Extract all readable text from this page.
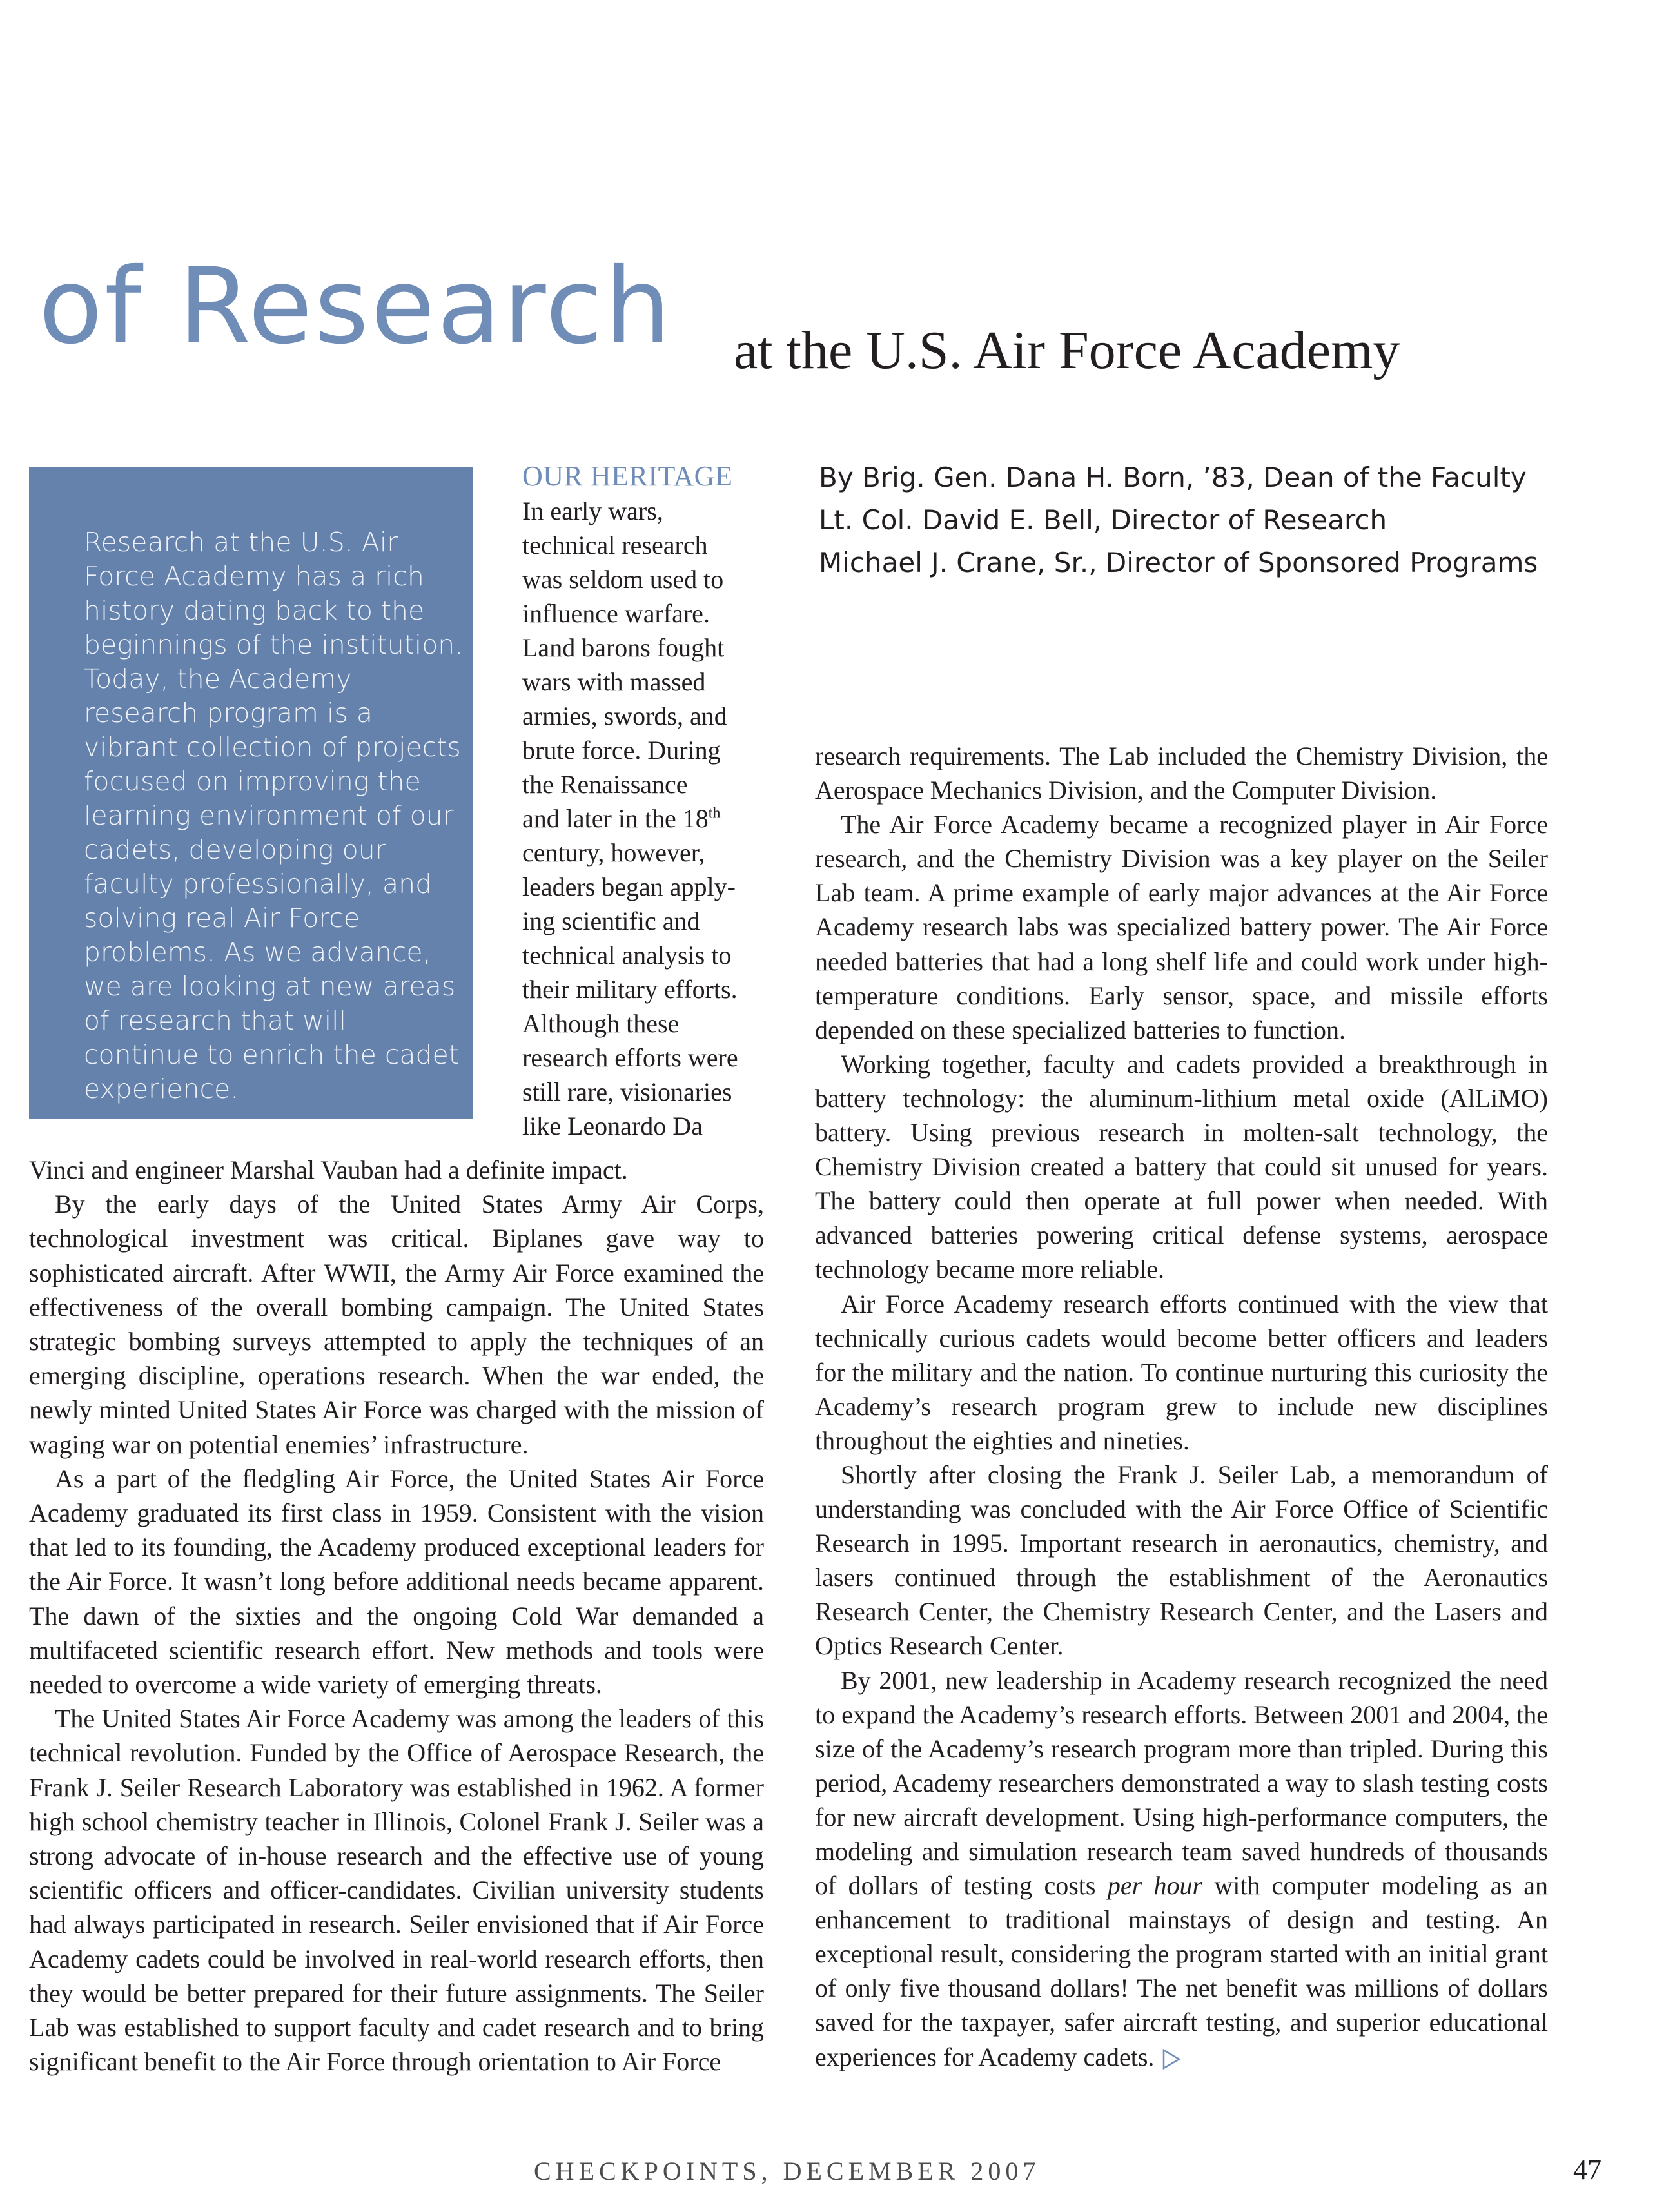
of Research at the U.S. Air Force Academy
By Brig. Gen. Dana H. Born, ’83, Dean of the Faculty
Lt. Col. David E. Bell, Director of Research
Michael J. Crane, Sr., Director of Sponsored Programs

Research at the U.S. Air Force Academy has a rich history dating back to the beginnings of the institution. Today, the Academy research program is a vibrant collection of projects focused on improving the learning environment of our cadets, developing our faculty professionally, and solving real Air Force problems. As we advance, we are looking at new areas of research that will continue to enrich the cadet experience.

OUR HERITAGE
In early wars,
technical research
was seldom used to
influence warfare.
Land barons fought
wars with massed
armies, swords, and
brute force. During
the Renaissance
and later in the 18th
century, however,
leaders began apply-
ing scientific and
technical analysis to
their military efforts.
Although these
research efforts were
still rare, visionaries
like Leonardo Da

Vinci and engineer Marshal Vauban had a definite impact.

By the early days of the United States Army Air Corps, technological investment was critical. Biplanes gave way to sophisticated aircraft. After WWII, the Army Air Force examined the effectiveness of the overall bombing campaign. The United States strategic bombing surveys attempted to apply the techniques of an emerging discipline, operations research. When the war ended, the newly minted United States Air Force was charged with the mission of waging war on potential enemies’ infrastructure.

As a part of the fledgling Air Force, the United States Air Force Academy graduated its first class in 1959. Consistent with the vision that led to its founding, the Academy produced exceptional leaders for the Air Force. It wasn’t long before additional needs became apparent. The dawn of the sixties and the ongoing Cold War demanded a multifaceted scientific research effort. New methods and tools were needed to overcome a wide variety of emerging threats.

The United States Air Force Academy was among the leaders of this technical revolution. Funded by the Office of Aerospace Research, the Frank J. Seiler Research Laboratory was established in 1962. A former high school chemistry teacher in Illinois, Colonel Frank J. Seiler was a strong advocate of in-house research and the effective use of young scientific officers and officer-candidates. Civilian university students had always participated in research. Seiler envisioned that if Air Force Academy cadets could be involved in real-world research efforts, then they would be better prepared for their future assignments. The Seiler Lab was established to support faculty and cadet research and to bring significant benefit to the Air Force through orientation to Air Force

research requirements. The Lab included the Chemistry Division, the Aerospace Mechanics Division, and the Computer Division.

The Air Force Academy became a recognized player in Air Force research, and the Chemistry Division was a key player on the Seiler Lab team. A prime example of early major advances at the Air Force Academy research labs was specialized battery power. The Air Force needed batteries that had a long shelf life and could work under high-temperature conditions. Early sensor, space, and missile efforts depended on these specialized batteries to function.

Working together, faculty and cadets provided a breakthrough in battery technology: the aluminum-lithium metal oxide (AlLiMO) battery. Using previous research in molten-salt technology, the Chemistry Division created a battery that could sit unused for years. The battery could then operate at full power when needed. With advanced batteries powering critical defense systems, aerospace technology became more reliable.

Air Force Academy research efforts continued with the view that technically curious cadets would become better officers and leaders for the military and the nation. To continue nurturing this curiosity the Academy’s research program grew to include new disciplines throughout the eighties and nineties.

Shortly after closing the Frank J. Seiler Lab, a memorandum of understanding was concluded with the Air Force Office of Scientific Research in 1995. Important research in aeronautics, chemistry, and lasers continued through the establishment of the Aeronautics Research Center, the Chemistry Research Center, and the Lasers and Optics Research Center.

By 2001, new leadership in Academy research recognized the need to expand the Academy’s research efforts. Between 2001 and 2004, the size of the Academy’s research program more than tripled. During this period, Academy researchers demonstrated a way to slash testing costs for new aircraft development. Using high-performance computers, the modeling and simulation research team saved hundreds of thousands of dollars of testing costs per hour with computer modeling as an enhancement to traditional mainstays of design and testing. An exceptional result, considering the program started with an initial grant of only five thousand dollars! The net benefit was millions of dollars saved for the taxpayer, safer aircraft testing, and superior educational experiences for Academy cadets.

CHECKPOINTS, DECEMBER 2007	47
